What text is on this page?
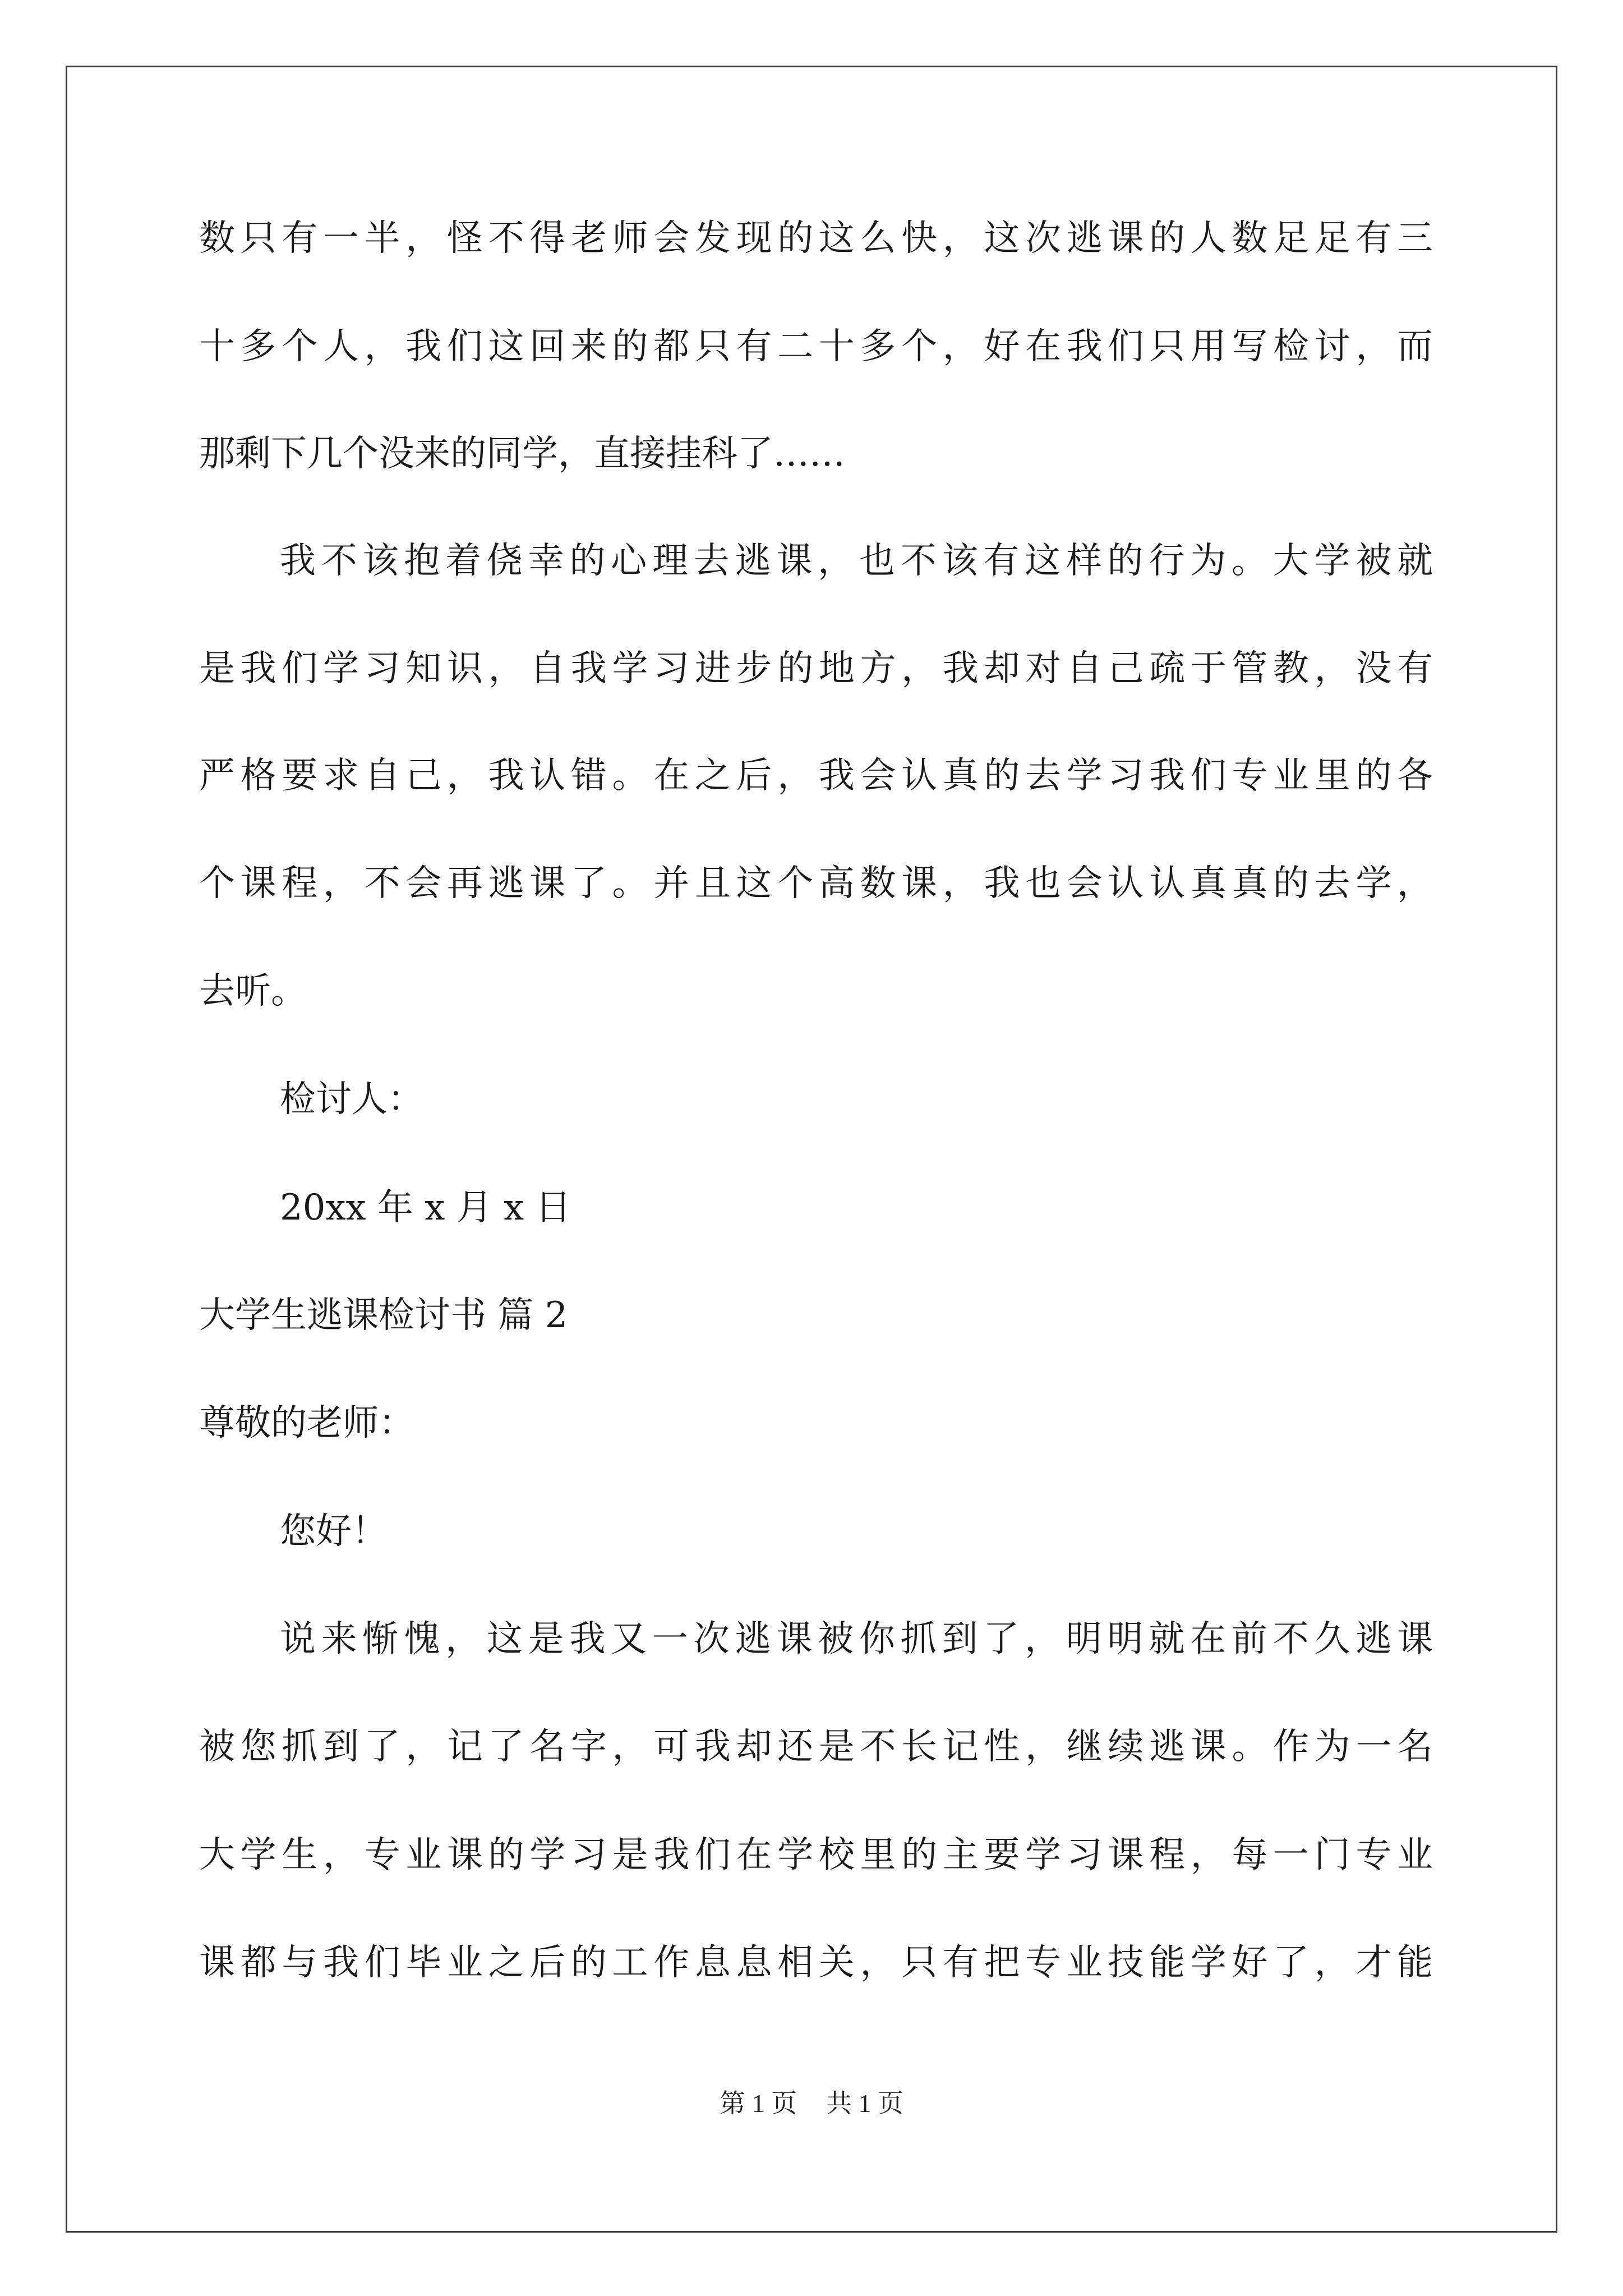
数只有一半，怪不得老师会发现的这么快，这次逃课的人数足足有三
十多个人，我们这回来的都只有二十多个，好在我们只用写检讨，而
那剩下几个没来的同学，直接挂科了……
我不该抱着侥幸的心理去逃课，也不该有这样的行为。大学被就
是我们学习知识，自我学习进步的地方，我却对自己疏于管教，没有
严格要求自己，我认错。在之后，我会认真的去学习我们专业里的各
个课程，不会再逃课了。并且这个高数课，我也会认认真真的去学，
去听。
检讨人：
20xx 年 x 月 x 日
大学生逃课检讨书 篇 2
尊敬的老师：
您好！
说来惭愧，这是我又一次逃课被你抓到了，明明就在前不久逃课
被您抓到了，记了名字，可我却还是不长记性，继续逃课。作为一名
大学生，专业课的学习是我们在学校里的主要学习课程，每一门专业
课都与我们毕业之后的工作息息相关，只有把专业技能学好了，才能
第 1 页 共 1 页
